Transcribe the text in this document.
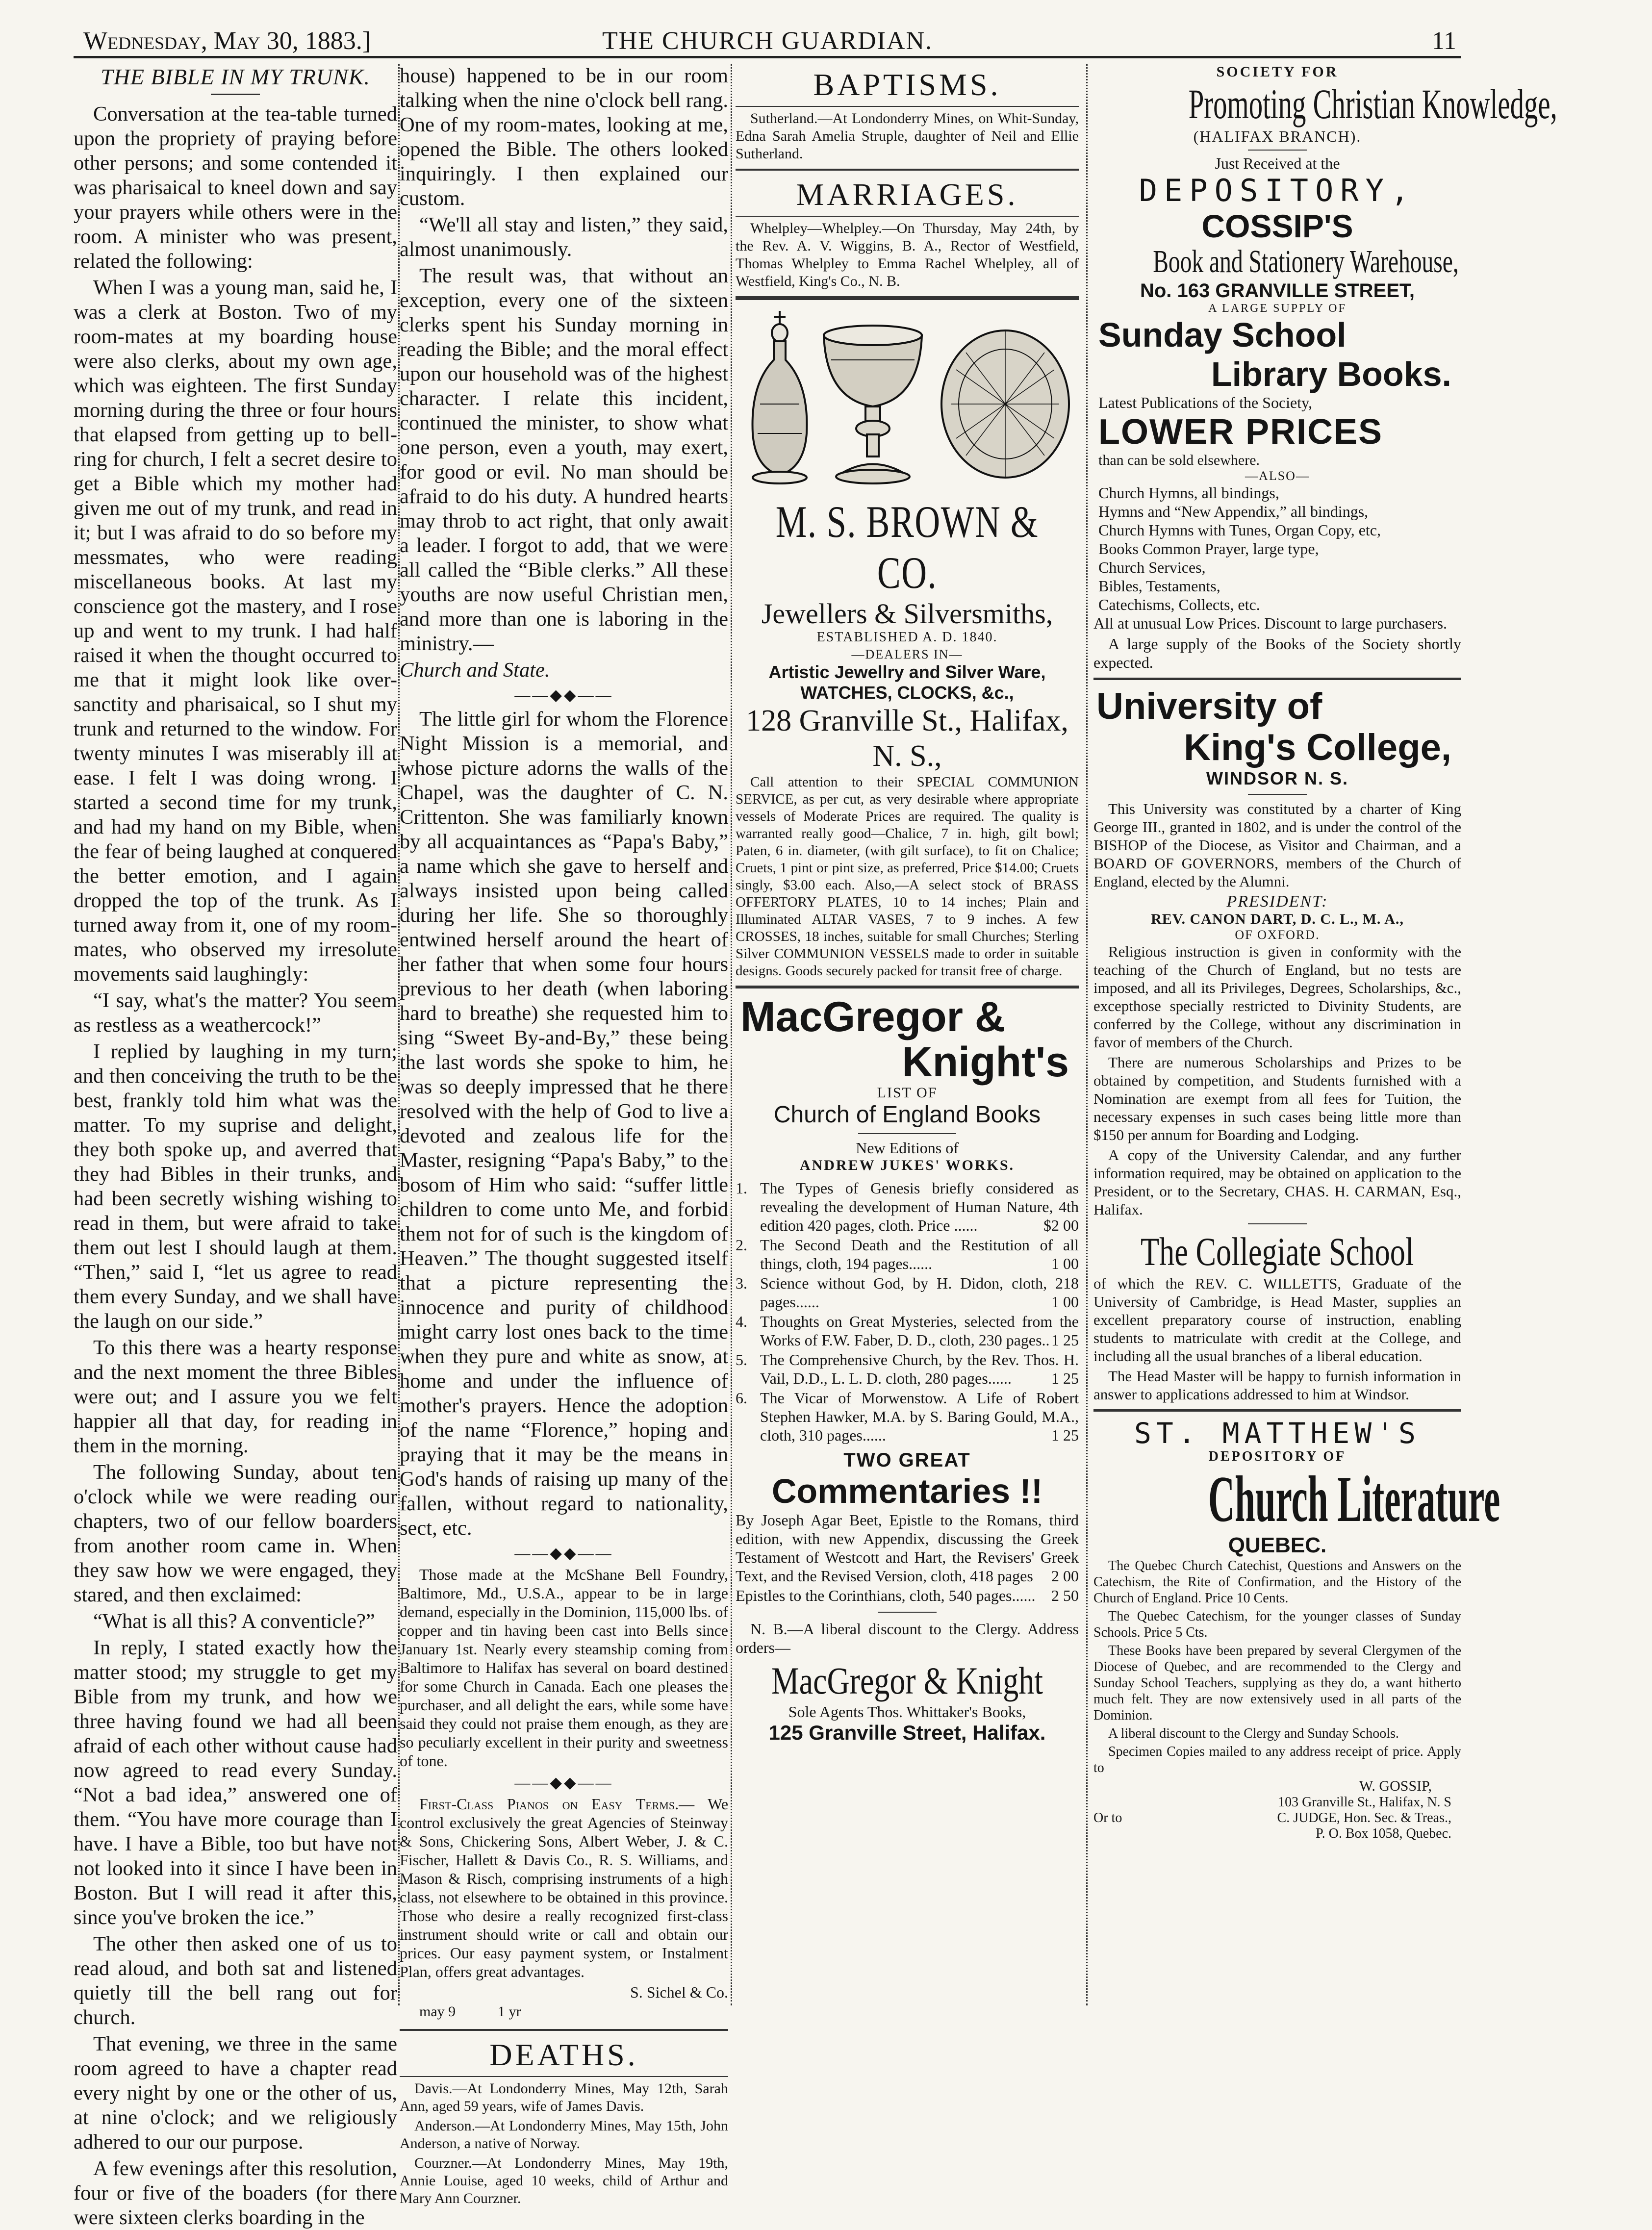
Wednesday, May 30, 1883.]	THE CHURCH GUARDIAN.	11
THE BIBLE IN MY TRUNK.

Conversation at the tea-table turned upon the propriety of praying before other persons; and some contended it was pharisaical to kneel down and say your prayers while others were in the room. A minister who was present, related the following:

When I was a young man, said he, I was a clerk at Boston. Two of my room-mates at my boarding house were also clerks, about my own age, which was eighteen. The first Sunday morning during the three or four hours that elapsed from getting up to bell-ring for church, I felt a secret desire to get a Bible which my mother had given me out of my trunk, and read in it; but I was afraid to do so before my messmates, who were reading miscellaneous books. At last my conscience got the mastery, and I rose up and went to my trunk. I had half raised it when the thought occurred to me that it might look like over-sanctity and pharisaical, so I shut my trunk and returned to the window. For twenty minutes I was miserably ill at ease. I felt I was doing wrong. I started a second time for my trunk, and had my hand on my Bible, when the fear of being laughed at conquered the better emotion, and I again dropped the top of the trunk. As I turned away from it, one of my room-mates, who observed my irresolute movements said laughingly:

“I say, what's the matter? You seem as restless as a weathercock!”

I replied by laughing in my turn; and then conceiving the truth to be the best, frankly told him what was the matter. To my suprise and delight, they both spoke up, and averred that they had Bibles in their trunks, and had been secretly wishing wishing to read in them, but were afraid to take them out lest I should laugh at them. “Then,” said I, “let us agree to read them every Sunday, and we shall have the laugh on our side.”

To this there was a hearty response and the next moment the three Bibles were out; and I assure you we felt happier all that day, for reading in them in the morning.

The following Sunday, about ten o'clock while we were reading our chapters, two of our fellow boarders from another room came in. When they saw how we were engaged, they stared, and then exclaimed:

“What is all this? A conventicle?”

In reply, I stated exactly how the matter stood; my struggle to get my Bible from my trunk, and how we three having found we had all been afraid of each other without cause had now agreed to read every Sunday. “Not a bad idea,” answered one of them. “You have more courage than I have. I have a Bible, too but have not not looked into it since I have been in Boston. But I will read it after this, since you've broken the ice.”

The other then asked one of us to read aloud, and both sat and listened quietly till the bell rang out for church.

That evening, we three in the same room agreed to have a chapter read every night by one or the other of us, at nine o'clock; and we religiously adhered to our our purpose.

A few evenings after this resolution, four or five of the boaders (for there were sixteen clerks boarding in the

house) happened to be in our room talking when the nine o'clock bell rang. One of my room-mates, looking at me, opened the Bible. The others looked inquiringly. I then explained our custom.

“We'll all stay and listen,” they said, almost unanimously.

The result was, that without an exception, every one of the sixteen clerks spent his Sunday morning in reading the Bible; and the moral effect upon our household was of the highest character. I relate this incident, continued the minister, to show what one person, even a youth, may exert, for good or evil. No man should be afraid to do his duty. A hundred hearts may throb to act right, that only await a leader. I forgot to add, that we were all called the “Bible clerks.” All these youths are now useful Christian men, and more than one is laboring in the ministry.—

Church and State.

——◆◆——

The little girl for whom the Florence Night Mission is a memorial, and whose picture adorns the walls of the Chapel, was the daughter of C. N. Crittenton. She was familiarly known by all acquaintances as “Papa's Baby,” a name which she gave to herself and always insisted upon being called during her life. She so thoroughly entwined herself around the heart of her father that when some four hours previous to her death (when laboring hard to breathe) she requested him to sing “Sweet By-and-By,” these being the last words she spoke to him, he was so deeply impressed that he there resolved with the help of God to live a devoted and zealous life for the Master, resigning “Papa's Baby,” to the bosom of Him who said: “suffer little children to come unto Me, and forbid them not for of such is the kingdom of Heaven.” The thought suggested itself that a picture representing the innocence and purity of childhood might carry lost ones back to the time when they pure and white as snow, at home and under the influence of mother's prayers. Hence the adoption of the name “Florence,” hoping and praying that it may be the means in God's hands of raising up many of the fallen, without regard to nationality, sect, etc.

——◆◆——

Those made at the McShane Bell Foundry, Baltimore, Md., U.S.A., appear to be in large demand, especially in the Dominion, 115,000 lbs. of copper and tin having been cast into Bells since January 1st. Nearly every steamship coming from Baltimore to Halifax has several on board destined for some Church in Canada. Each one pleases the purchaser, and all delight the ears, while some have said they could not praise them enough, as they are so peculiarly excellent in their purity and sweetness of tone.

——◆◆——

First-Class Pianos on Easy Terms.— We control exclusively the great Agencies of Steinway & Sons, Chickering Sons, Albert Weber, J. & C. Fischer, Hallett & Davis Co., R. S. Williams, and Mason & Risch, comprising instruments of a high class, not elsewhere to be obtained in this province. Those who desire a really recognized first-class instrument should write or call and obtain our prices. Our easy payment system, or Instalment Plan, offers great advantages.

S. Sichel & Co.

may 9	1 yr
DEATHS.

Davis.—At Londonderry Mines, May 12th, Sarah Ann, aged 59 years, wife of James Davis.

Anderson.—At Londonderry Mines, May 15th, John Anderson, a native of Norway.

Courzner.—At Londonderry Mines, May 19th, Annie Louise, aged 10 weeks, child of Arthur and Mary Ann Courzner.

BAPTISMS.

Sutherland.—At Londonderry Mines, on Whit-Sunday, Edna Sarah Amelia Struple, daughter of Neil and Ellie Sutherland.

MARRIAGES.

Whelpley—Whelpley.—On Thursday, May 24th, by the Rev. A. V. Wiggins, B. A., Rector of Westfield, Thomas Whelpley to Emma Rachel Whelpley, all of Westfield, King's Co., N. B.

M. S. BROWN & CO.
Jewellers & Silversmiths,
ESTABLISHED A. D. 1840.
—DEALERS IN—
Artistic Jewellry and Silver Ware,
WATCHES, CLOCKS, &c.,
128 Granville St., Halifax, N. S.,

Call attention to their SPECIAL COMMUNION SERVICE, as per cut, as very desirable where appropriate vessels of Moderate Prices are required. The quality is warranted really good—Chalice, 7 in. high, gilt bowl; Paten, 6 in. diameter, (with gilt surface), to fit on Chalice; Cruets, 1 pint or pint size, as preferred, Price $14.00; Cruets singly, $3.00 each. Also,—A select stock of BRASS OFFERTORY PLATES, 10 to 14 inches; Plain and Illuminated ALTAR VASES, 7 to 9 inches. A few CROSSES, 18 inches, suitable for small Churches; Sterling Silver COMMUNION VESSELS made to order in suitable designs. Goods securely packed for transit free of charge.

MacGregor &
Knight's
LIST OF
Church of England Books
New Editions of
ANDREW JUKES' WORKS.
1. The Types of Genesis briefly considered as revealing the development of Human Nature, 4th edition 420 pages, cloth. Price ......	$2 00
2. The Second Death and the Restitution of all things, cloth, 194 pages......	1 00
3. Science without God, by H. Didon, cloth, 218 pages......	1 00
4. Thoughts on Great Mysteries, selected from the Works of F.W. Faber, D. D., cloth, 230 pages.. 1 25
5. The Comprehensive Church, by the Rev. Thos. H. Vail, D.D., L. L. D. cloth, 280 pages......	1 25
6. The Vicar of Morwenstow. A Life of Robert Stephen Hawker, M.A. by S. Baring Gould, M.A., cloth, 310 pages......	1 25
TWO GREAT
Commentaries !!
By Joseph Agar Beet, Epistle to the Romans, third edition, with new Appendix, discussing the Greek Testament of Westcott and Hart, the Revisers' Greek Text, and the Revised Version, cloth, 418 pages 2 00
Epistles to the Corinthians, cloth, 540 pages...... 2 50

N. B.—A liberal discount to the Clergy. Address orders—

MacGregor & Knight
Sole Agents Thos. Whittaker's Books,
125 Granville Street, Halifax.
SOCIETY FOR
Promoting Christian Knowledge,
(HALIFAX BRANCH).
Just Received at the
DEPOSITORY,
COSSIP'S
Book and Stationery Warehouse,
No. 163 GRANVILLE STREET,
A LARGE SUPPLY OF
Sunday School
Library Books.
Latest Publications of the Society,
LOWER PRICES
than can be sold elsewhere.
—ALSO—
Church Hymns, all bindings,
Hymns and “New Appendix,” all bindings,
Church Hymns with Tunes, Organ Copy, etc,
Books Common Prayer, large type,
Church Services,
Bibles, Testaments,
Catechisms, Collects, etc.

All at unusual Low Prices. Discount to large purchasers.

A large supply of the Books of the Society shortly expected.

University of
King's College,
WINDSOR N. S.

This University was constituted by a charter of King George III., granted in 1802, and is under the control of the BISHOP of the Diocese, as Visitor and Chairman, and a BOARD OF GOVERNORS, members of the Church of England, elected by the Alumni.

PRESIDENT:
REV. CANON DART, D. C. L., M. A.,
OF OXFORD.

Religious instruction is given in conformity with the teaching of the Church of England, but no tests are imposed, and all its Privileges, Degrees, Scholarships, &c., excepthose specially restricted to Divinity Students, are conferred by the College, without any discrimination in favor of members of the Church.

There are numerous Scholarships and Prizes to be obtained by competition, and Students furnished with a Nomination are exempt from all fees for Tuition, the necessary expenses in such cases being little more than $150 per annum for Boarding and Lodging.

A copy of the University Calendar, and any further information required, may be obtained on application to the President, or to the Secretary, CHAS. H. CARMAN, Esq., Halifax.

The Collegiate School

of which the REV. C. WILLETTS, Graduate of the University of Cambridge, is Head Master, supplies an excellent preparatory course of instruction, enabling students to matriculate with credit at the College, and including all the usual branches of a liberal education.

The Head Master will be happy to furnish information in answer to applications addressed to him at Windsor.

ST. MATTHEW'S
DEPOSITORY OF
Church Literature
QUEBEC.

The Quebec Church Catechist, Questions and Answers on the Catechism, the Rite of Confirmation, and the History of the Church of England. Price 10 Cents.

The Quebec Catechism, for the younger classes of Sunday Schools. Price 5 Cts.

These Books have been prepared by several Clergymen of the Diocese of Quebec, and are recommended to the Clergy and Sunday School Teachers, supplying as they do, a want hitherto much felt. They are now extensively used in all parts of the Dominion.

A liberal discount to the Clergy and Sunday Schools.

Specimen Copies mailed to any address receipt of price. Apply to

W. GOSSIP,
103 Granville St., Halifax, N. S
Or to	C. JUDGE, Hon. Sec. & Treas.,
P. O. Box 1058, Quebec.
